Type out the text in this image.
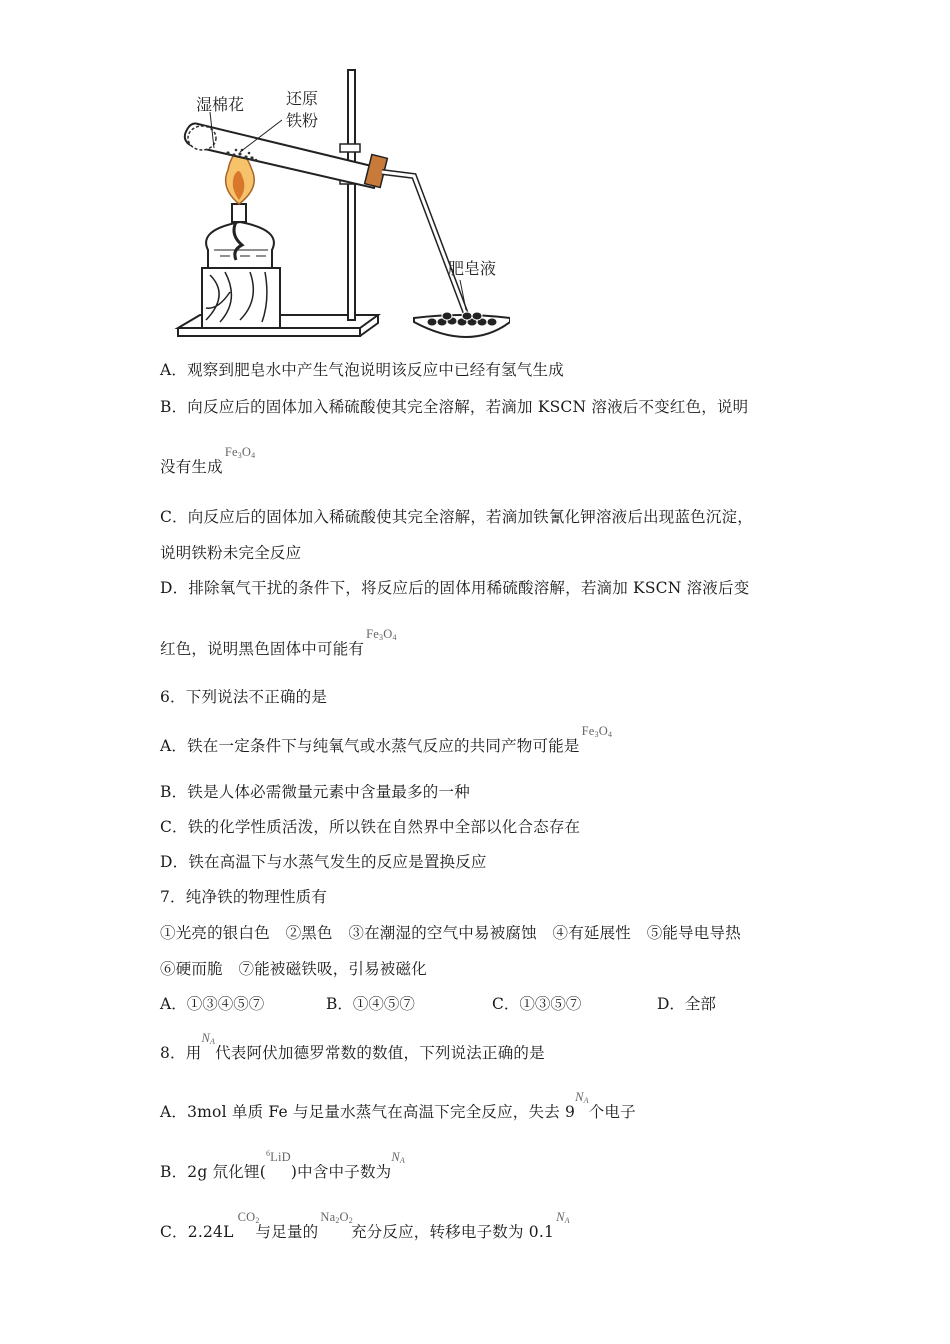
湿棉花	还原
铁粉
肥皂液
A．观察到肥皂水中产生气泡说明该反应中已经有氢气生成
B．向反应后的固体加入稀硫酸使其完全溶解，若滴加 KSCN 溶液后不变红色，说明
没有生成$^{Fe_3O_4}$
C．向反应后的固体加入稀硫酸使其完全溶解，若滴加铁氰化钾溶液后出现蓝色沉淀，
说明铁粉未完全反应
D．排除氧气干扰的条件下，将反应后的固体用稀硫酸溶解，若滴加 KSCN 溶液后变
红色，说明黑色固体中可能有$^{Fe_3O_4}$
6．下列说法不正确的是
A．铁在一定条件下与纯氧气或水蒸气反应的共同产物可能是$^{Fe_3O_4}$
B．铁是人体必需微量元素中含量最多的一种
C．铁的化学性质活泼，所以铁在自然界中全部以化合态存在
D．铁在高温下与水蒸气发生的反应是置换反应
7．纯净铁的物理性质有
①光亮的银白色　②黑色　③在潮湿的空气中易被腐蚀　④有延展性　⑤能导电导热
⑥硬而脆　⑦能被磁铁吸，引易被磁化
A．①③④⑤⑦	B．①④⑤⑦	C．①③⑤⑦	D．全部
8．用$^{N_A}$代表阿伏加德罗常数的数值，下列说法正确的是
A．3mol 单质 Fe 与足量水蒸气在高温下完全反应，失去 $9^{N_A}$个电子
B．2g 氘化锂($^{^6LiD}$)中含中子数为$^{N_A}$
C．$2.24L^{CO_2}$与足量的$^{Na_2O_2}$充分反应，转移电子数为 $0.1^{N_A}$
